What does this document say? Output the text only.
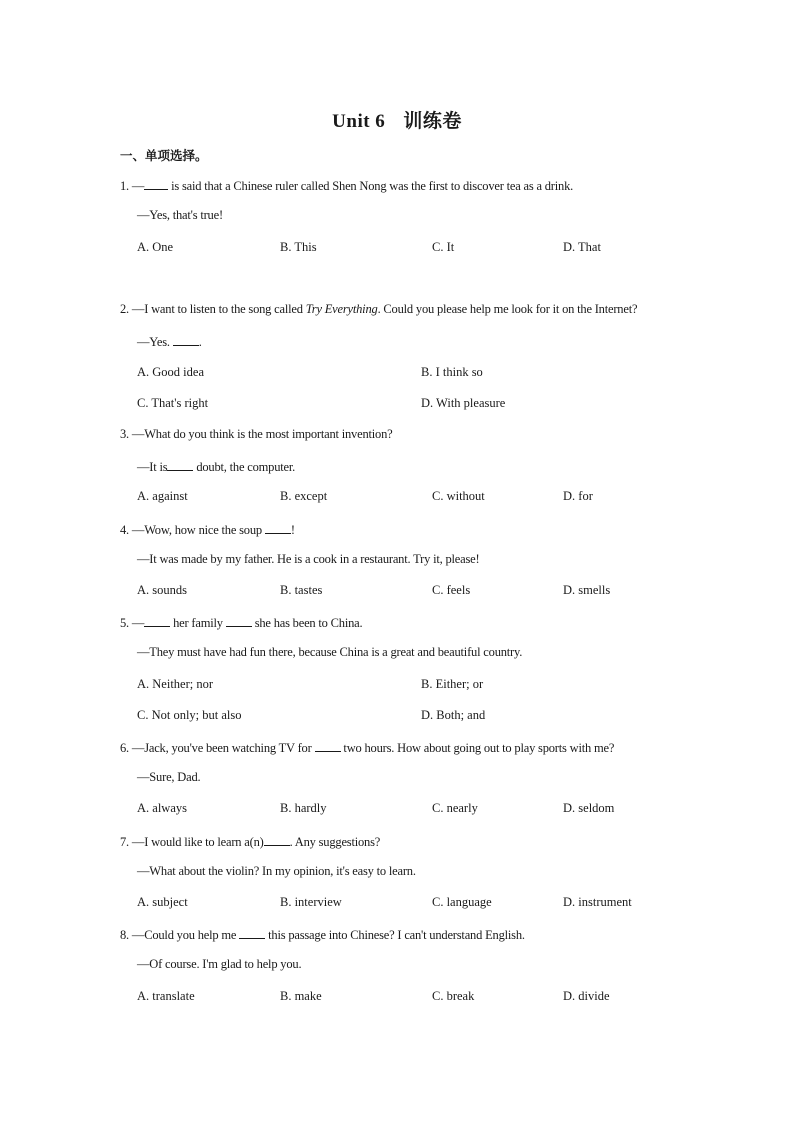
Unit 6 训练卷
一、单项选择。
1. — is said that a Chinese ruler called Shen Nong was the first to discover tea as a drink.
—Yes, that's true!
A. One	B. This	C. It	D. That
2. —I want to listen to the song called Try Everything. Could you please help me look for it on the Internet?
—Yes. .
A. Good idea	B. I think so
C. That's right	D. With pleasure
3. —What do you think is the most important invention?
—It is doubt, the computer.
A. against	B. except	C. without	D. for
4. —Wow, how nice the soup !
—It was made by my father. He is a cook in a restaurant. Try it, please!
A. sounds	B. tastes	C. feels	D. smells
5. — her family  she has been to China.
—They must have had fun there, because China is a great and beautiful country.
A. Neither; nor	B. Either; or
C. Not only; but also	D. Both; and
6. —Jack, you've been watching TV for  two hours. How about going out to play sports with me?
—Sure, Dad.
A. always	B. hardly	C. nearly	D. seldom
7. —I would like to learn a(n) . Any suggestions?
—What about the violin? In my opinion, it's easy to learn.
A. subject	B. interview	C. language	D. instrument
8. —Could you help me  this passage into Chinese? I can't understand English.
—Of course. I'm glad to help you.
A. translate	B. make	C. break	D. divide
